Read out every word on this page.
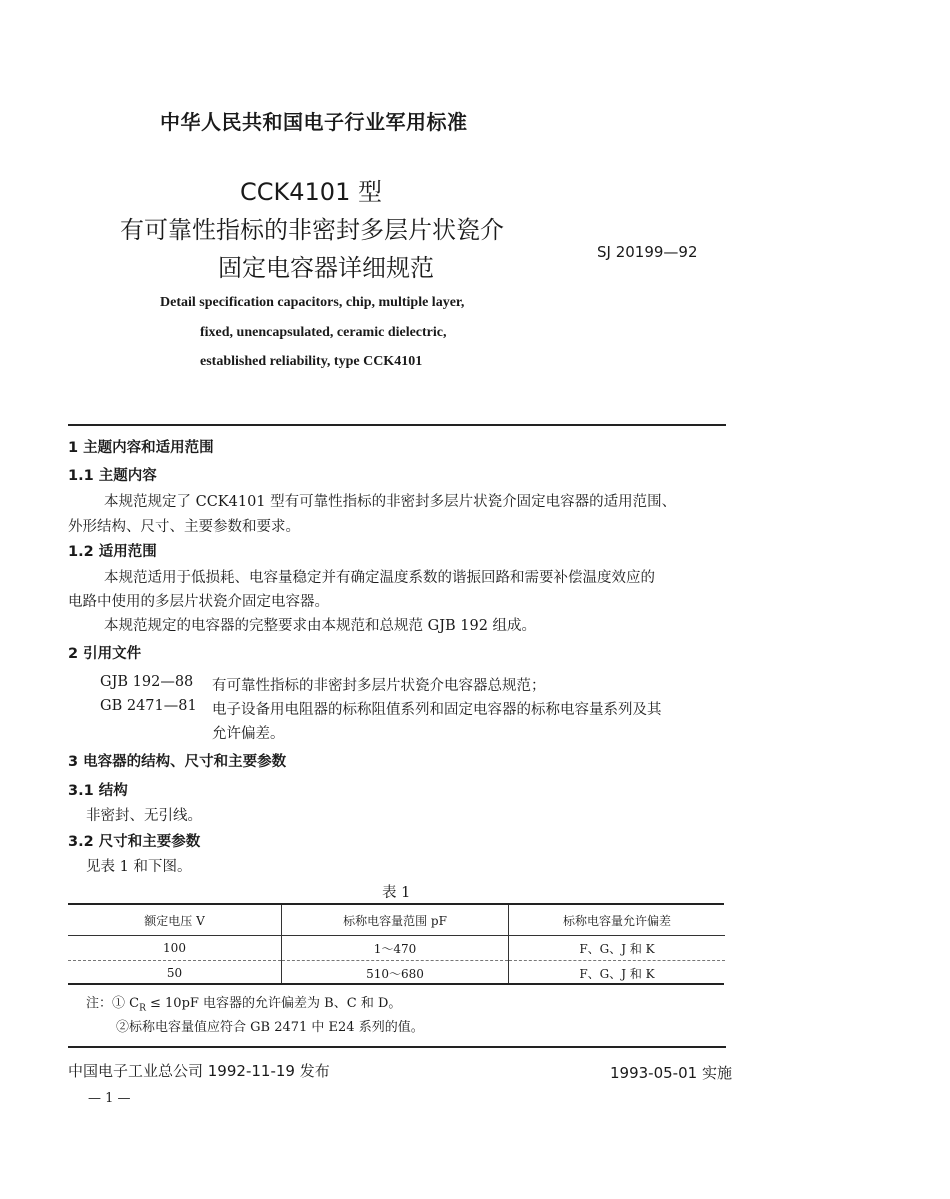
中华人民共和国电子行业军用标准
CCK4101 型
有可靠性指标的非密封多层片状瓷介
固定电容器详细规范
SJ 20199—92
Detail specification capacitors, chip, multiple layer,
fixed, unencapsulated, ceramic dielectric,
established reliability, type CCK4101
1 主题内容和适用范围
1.1 主题内容
本规范规定了 CCK4101 型有可靠性指标的非密封多层片状瓷介固定电容器的适用范围、
外形结构、尺寸、主要参数和要求。
1.2 适用范围
本规范适用于低损耗、电容量稳定并有确定温度系数的谐振回路和需要补偿温度效应的
电路中使用的多层片状瓷介固定电容器。
本规范规定的电容器的完整要求由本规范和总规范 GJB 192 组成。
2 引用文件
GJB 192—88 有可靠性指标的非密封多层片状瓷介电容器总规范；
GB 2471—81 电子设备用电阻器的标称阻值系列和固定电容器的标称电容量系列及其
允许偏差。
3 电容器的结构、尺寸和主要参数
3.1 结构
非密封、无引线。
3.2 尺寸和主要参数
见表 1 和下图。
表 1
额定电压 V	标称电容量范围 pF	标称电容量允许偏差
100	1～470	F、G、J 和 K
50	510～680	F、G、J 和 K
注：① $C_R \le 10pF$ 电容器的允许偏差为 B、C 和 D。
②标称电容量值应符合 GB 2471 中 E24 系列的值。
中国电子工业总公司 1992-11-19 发布	1993-05-01 实施
— 1 —
